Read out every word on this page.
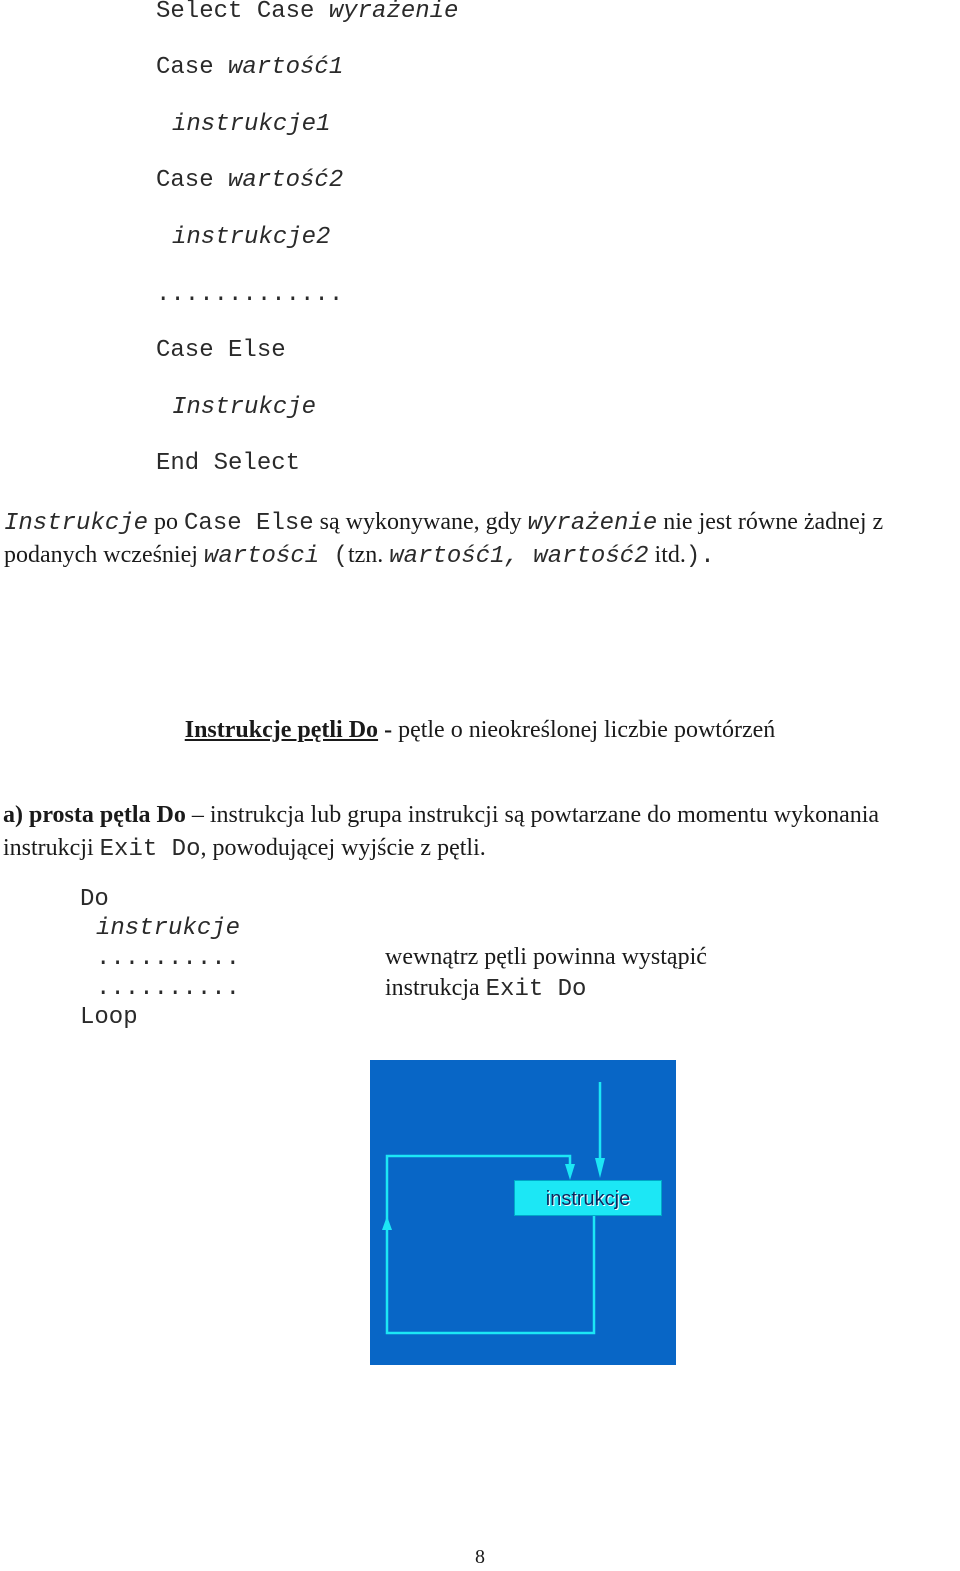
Select Case wyrażenie
Case wartość1
instrukcje1
Case wartość2
instrukcje2
.............
Case Else
Instrukcje
End Select
Instrukcje po Case Else są wykonywane, gdy wyrażenie nie jest równe żadnej z
podanych wcześniej wartości (tzn. wartość1, wartość2 itd.).
Instrukcje pętli Do - pętle o nieokreślonej liczbie powtórzeń
a) prosta pętla Do – instrukcja lub grupa instrukcji są powtarzane do momentu wykonania
instrukcji Exit Do, powodującej wyjście z pętli.
Do
instrukcje
..........
..........
Loop
wewnątrz pętli powinna wystąpić
instrukcja Exit Do
instrukcje
8
